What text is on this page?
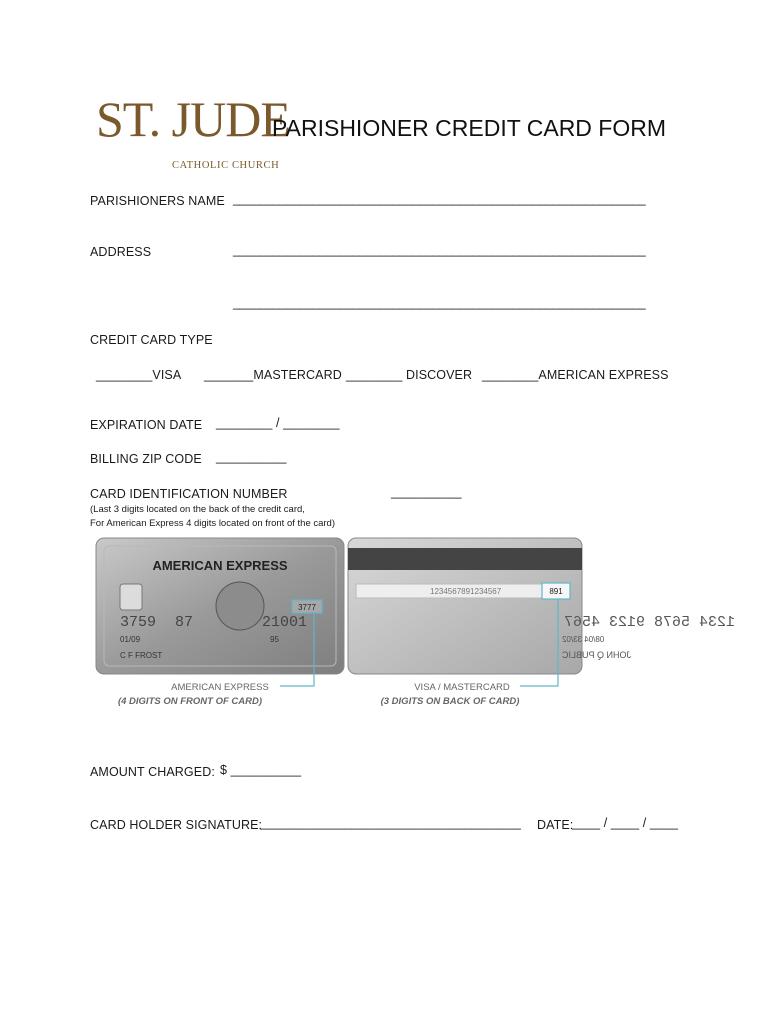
ST. JUDE
CATHOLIC CHURCH
PARISHIONER CREDIT CARD FORM
PARISHIONERS NAME ______________________________________________________________
ADDRESS	______________________________________________________________
______________________________________________________________
CREDIT CARD TYPE
________VISA _______MASTERCARD ________ DISCOVER ________AMERICAN EXPRESS
EXPIRATION DATE ________ / ________
BILLING ZIP CODE __________
CARD IDENTIFICATION NUMBER	__________
(Last 3 digits located on the back of the credit card,
For American Express 4 digits located on front of the card)
AMERICAN EXPRESS
3759 87	21001
3777
01/09	95
C F FROST
1234567891234567	891
1234 5678 9123 4567
08/04 33/02
JOHN Q PUBLIC
AMERICAN EXPRESS
(4 DIGITS ON FRONT OF CARD)
VISA / MASTERCARD
(3 DIGITS ON BACK OF CARD)
AMOUNT CHARGED: $ __________
CARD HOLDER SIGNATURE:
_____________________________________ DATE:
____ / ____ / ____
